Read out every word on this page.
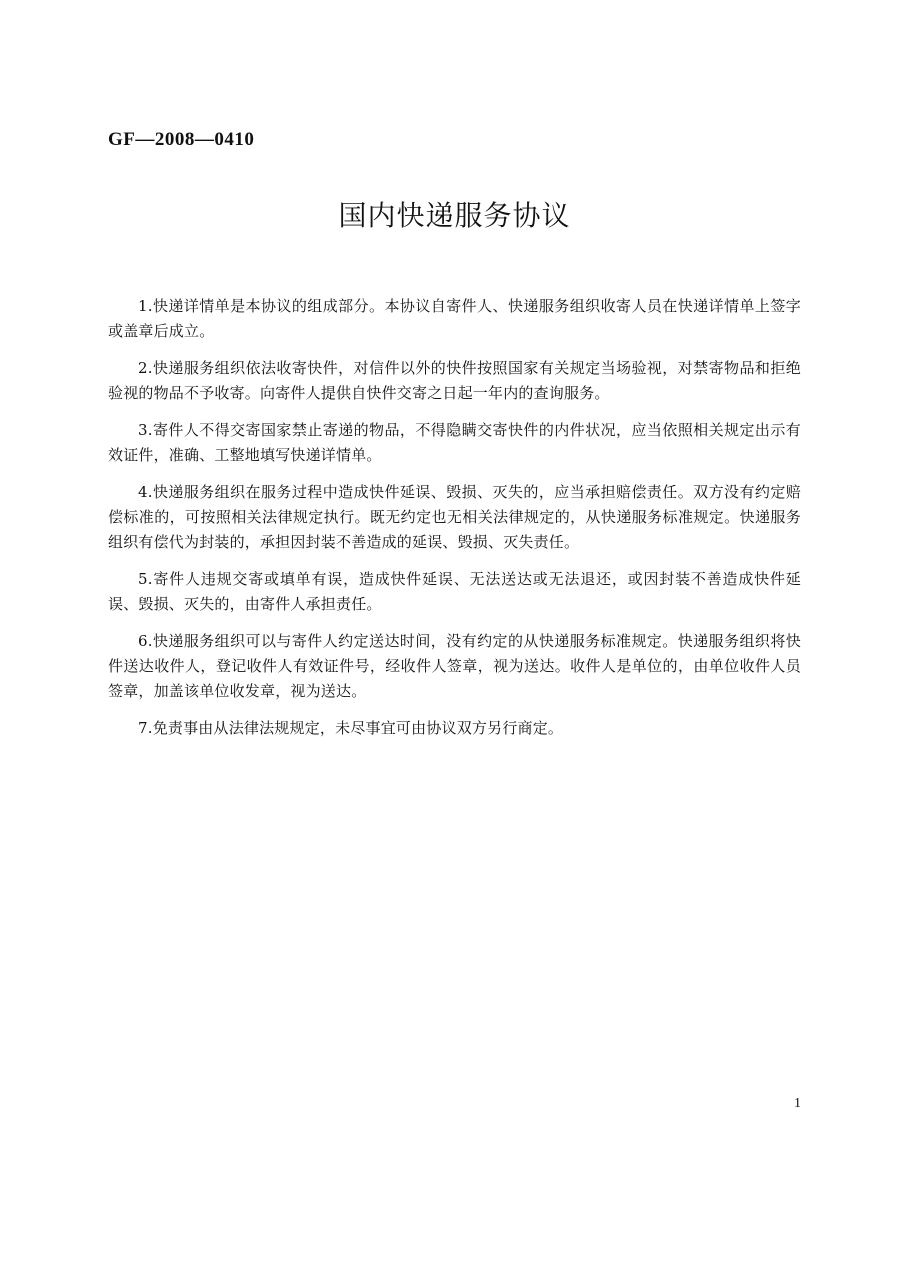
GF—2008—0410

国内快递服务协议

1.快递详情单是本协议的组成部分。本协议自寄件人、快递服务组织收寄人员在快递详情单上签字或盖章后成立。

2.快递服务组织依法收寄快件，对信件以外的快件按照国家有关规定当场验视，对禁寄物品和拒绝验视的物品不予收寄。向寄件人提供自快件交寄之日起一年内的查询服务。

3.寄件人不得交寄国家禁止寄递的物品，不得隐瞒交寄快件的内件状况，应当依照相关规定出示有效证件，准确、工整地填写快递详情单。

4.快递服务组织在服务过程中造成快件延误、毁损、灭失的，应当承担赔偿责任。双方没有约定赔偿标准的，可按照相关法律规定执行。既无约定也无相关法律规定的，从快递服务标准规定。快递服务组织有偿代为封装的，承担因封装不善造成的延误、毁损、灭失责任。

5.寄件人违规交寄或填单有误，造成快件延误、无法送达或无法退还，或因封装不善造成快件延误、毁损、灭失的，由寄件人承担责任。

6.快递服务组织可以与寄件人约定送达时间，没有约定的从快递服务标准规定。快递服务组织将快件送达收件人，登记收件人有效证件号，经收件人签章，视为送达。收件人是单位的，由单位收件人员签章，加盖该单位收发章，视为送达。

7.免责事由从法律法规规定，未尽事宜可由协议双方另行商定。

1
